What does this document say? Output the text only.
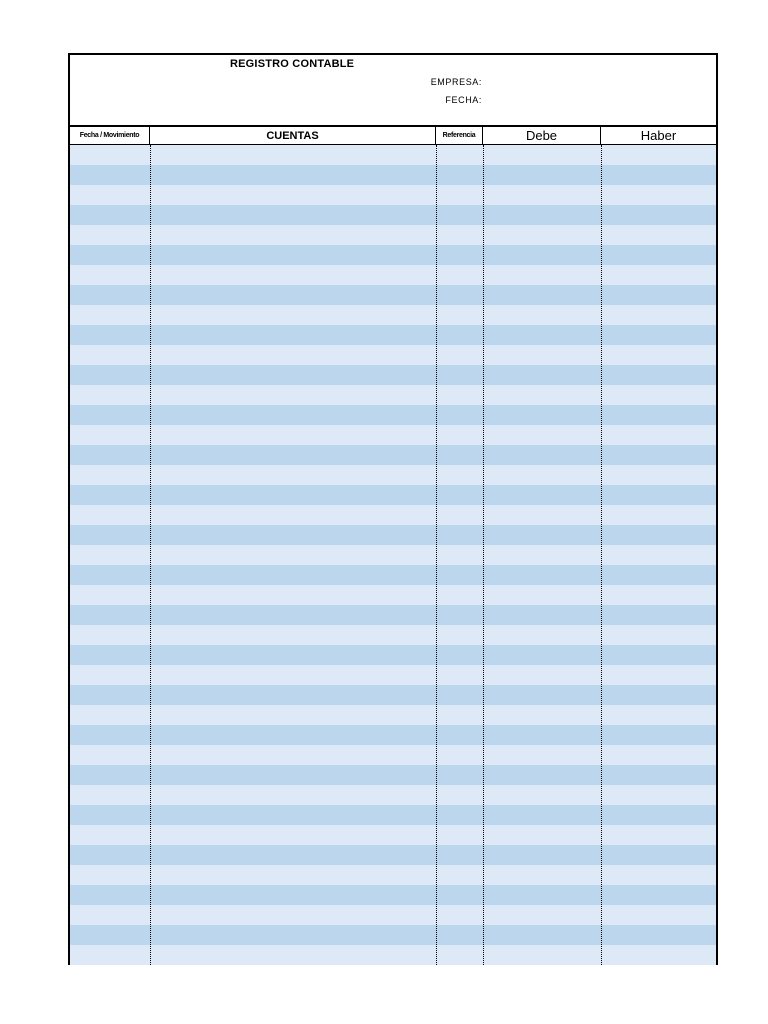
REGISTRO CONTABLE
EMPRESA:
FECHA:
Fecha / Movimiento	CUENTAS	Referencia	Debe	Haber
